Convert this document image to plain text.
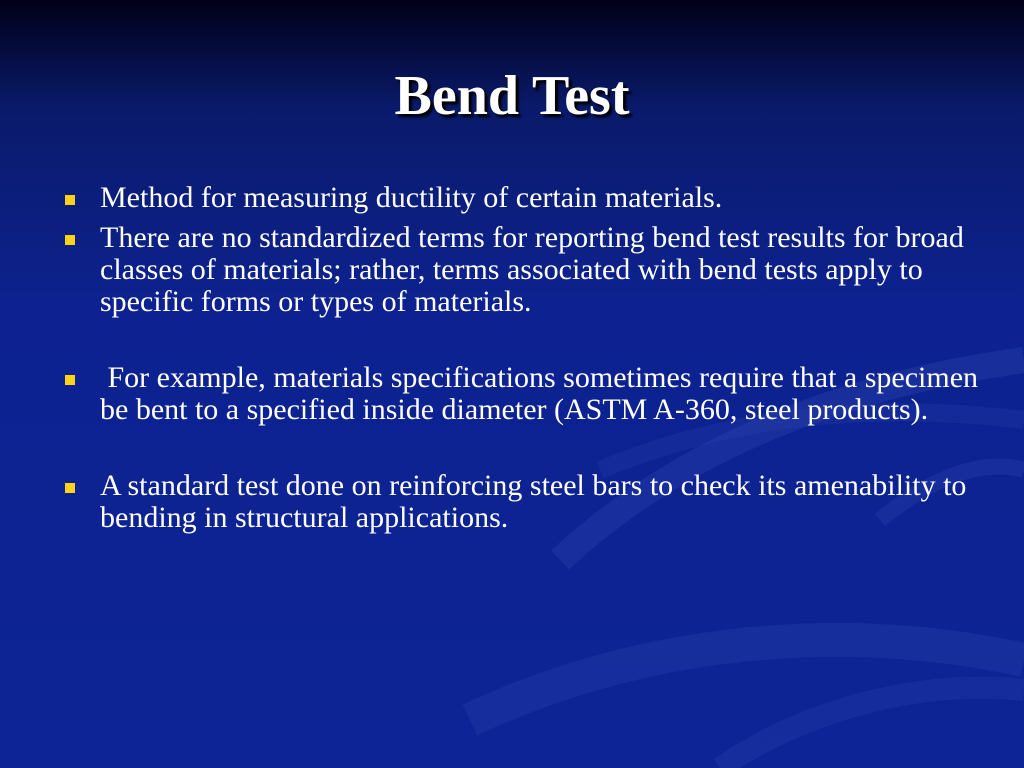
Bend Test
Method for measuring ductility of certain materials.
There are no standardized terms for reporting bend test results for broad classes of materials; rather, terms associated with bend tests apply to specific forms or types of materials.
For example, materials specifications sometimes require that a specimen be bent to a specified inside diameter (ASTM A-360, steel products).
A standard test done on reinforcing steel bars to check its amenability to bending in structural applications.
